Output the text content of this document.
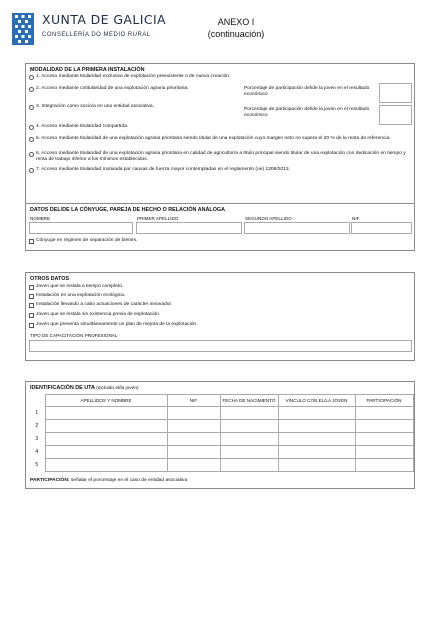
XUNTA DE GALICIA
CONSELLERÍA DO MEDIO RURAL
ANEXO I
(continuación)
MODALIDAD DE LA PRIMERA INSTALACIÓN
1. Acceso mediante titularidad exclusiva de explotación preexistente o de nueva creación.
2. Acceso mediante cotitularidad de una explotación agraria prioritaria.	Porcentaje de participación del/de la joven en el resultado económico
3. Integración como socio/a en una entidad asociativa.
Porcentaje de participación del/de la joven en el resultado económico
4. Acceso mediante titularidad compartida.
5. Acceso mediante titularidad de una explotación agraria prioritaria siendo titular de una explotación cuyo margen neto no supera el 20 % de la renta de referencia.
6. Acceso mediante titularidad de una explotación agraria prioritaria en calidad de agricultor/a a título principal siendo titular de una explotación con dedicación en tiempo y renta de trabajo inferior a los mínimos establecidos.
7. Acceso mediante titularidad motivada por causas de fuerza mayor contempladas en el reglamento (ue) 1306/2013.
DATOS DEL/DE LA CÓNYUGE, PAREJA DE HECHO O RELACIÓN ANÁLOGA
NOMBRE	PRIMER APELLIDO	SEGUNDO APELLIDO	NIF
Cónyuge en régimen de separación de bienes.
OTROS DATOS
Joven que se instala a tiempo completo.
Instalación en una explotación ecológica.
Instalación llevando a cabo actuaciones de carácter innovador.
Joven que se instala sin existencia previa de explotación.
Joven que presenta simultáneamente un plan de mejora de la explotación.
TIPO DE CAPACITACIÓN PROFESIONAL
IDENTIFICACIÓN DE UTA (incluido el/la joven)
	APELLIDOS Y NOMBRE	NIF	FECHA DE NACIMIENTO	VÍNCULO CON EL/LA JOVEN	PARTICIPACIÓN
1					
2					
3					
4					
5					
PARTICIPACIÓN: señalar el porcentaje en el caso de entidad asociativa
